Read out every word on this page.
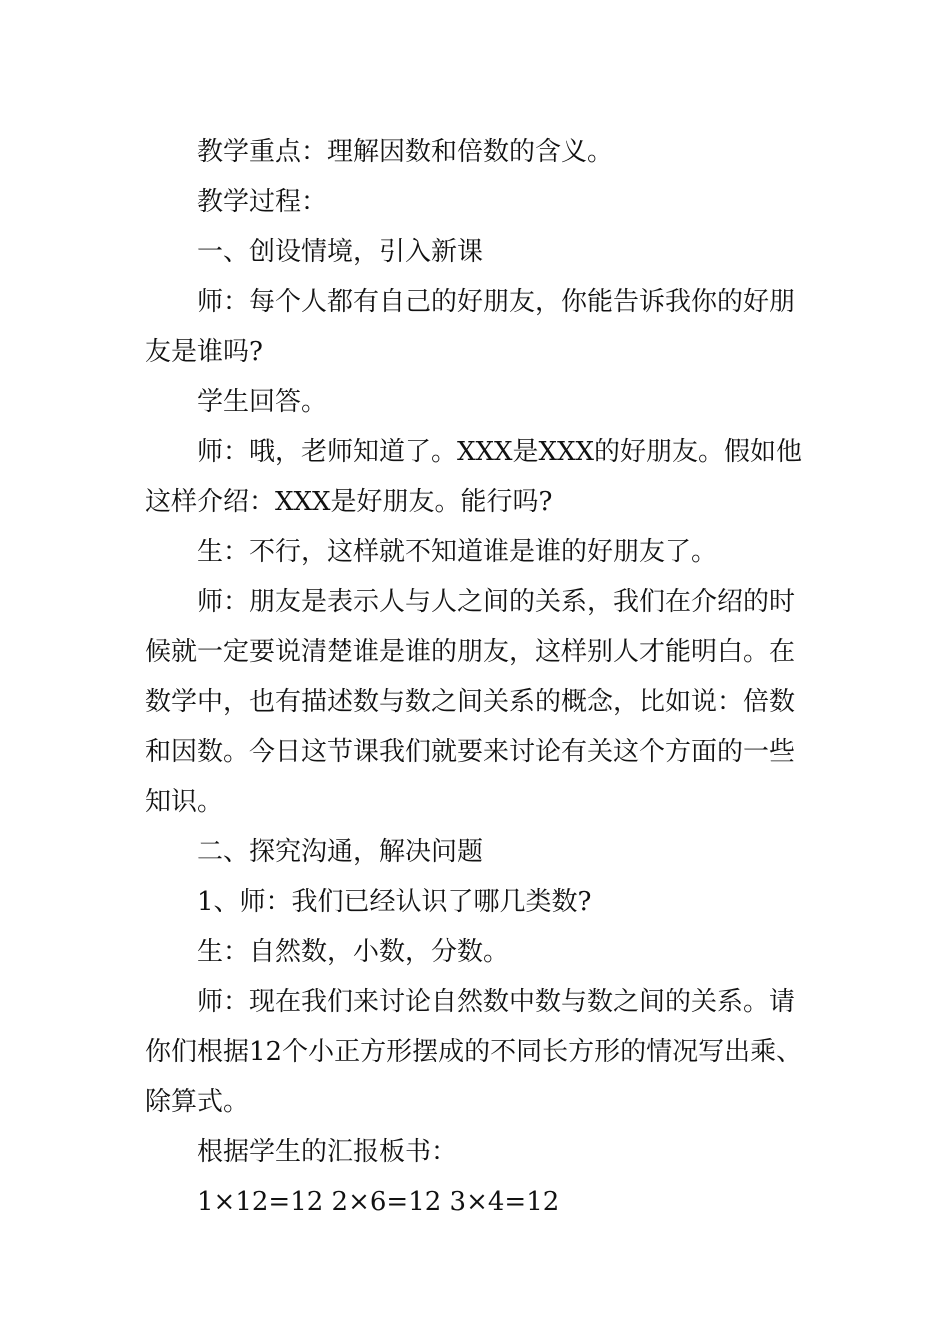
教学重点：理解因数和倍数的含义。

教学过程：

一、创设情境，引入新课

师：每个人都有自己的好朋友，你能告诉我你的好朋友是谁吗?

学生回答。

师：哦，老师知道了。XXX是XXX的好朋友。假如他这样介绍：XXX是好朋友。能行吗?

生：不行，这样就不知道谁是谁的好朋友了。

师：朋友是表示人与人之间的关系，我们在介绍的时候就一定要说清楚谁是谁的朋友，这样别人才能明白。在数学中，也有描述数与数之间关系的概念，比如说：倍数和因数。今日这节课我们就要来讨论有关这个方面的一些知识。

二、探究沟通，解决问题

1、师：我们已经认识了哪几类数?

生：自然数，小数，分数。

师：现在我们来讨论自然数中数与数之间的关系。请你们根据12个小正方形摆成的不同长方形的情况写出乘、除算式。

根据学生的汇报板书：

1×12=12 2×6=12 3×4=12
